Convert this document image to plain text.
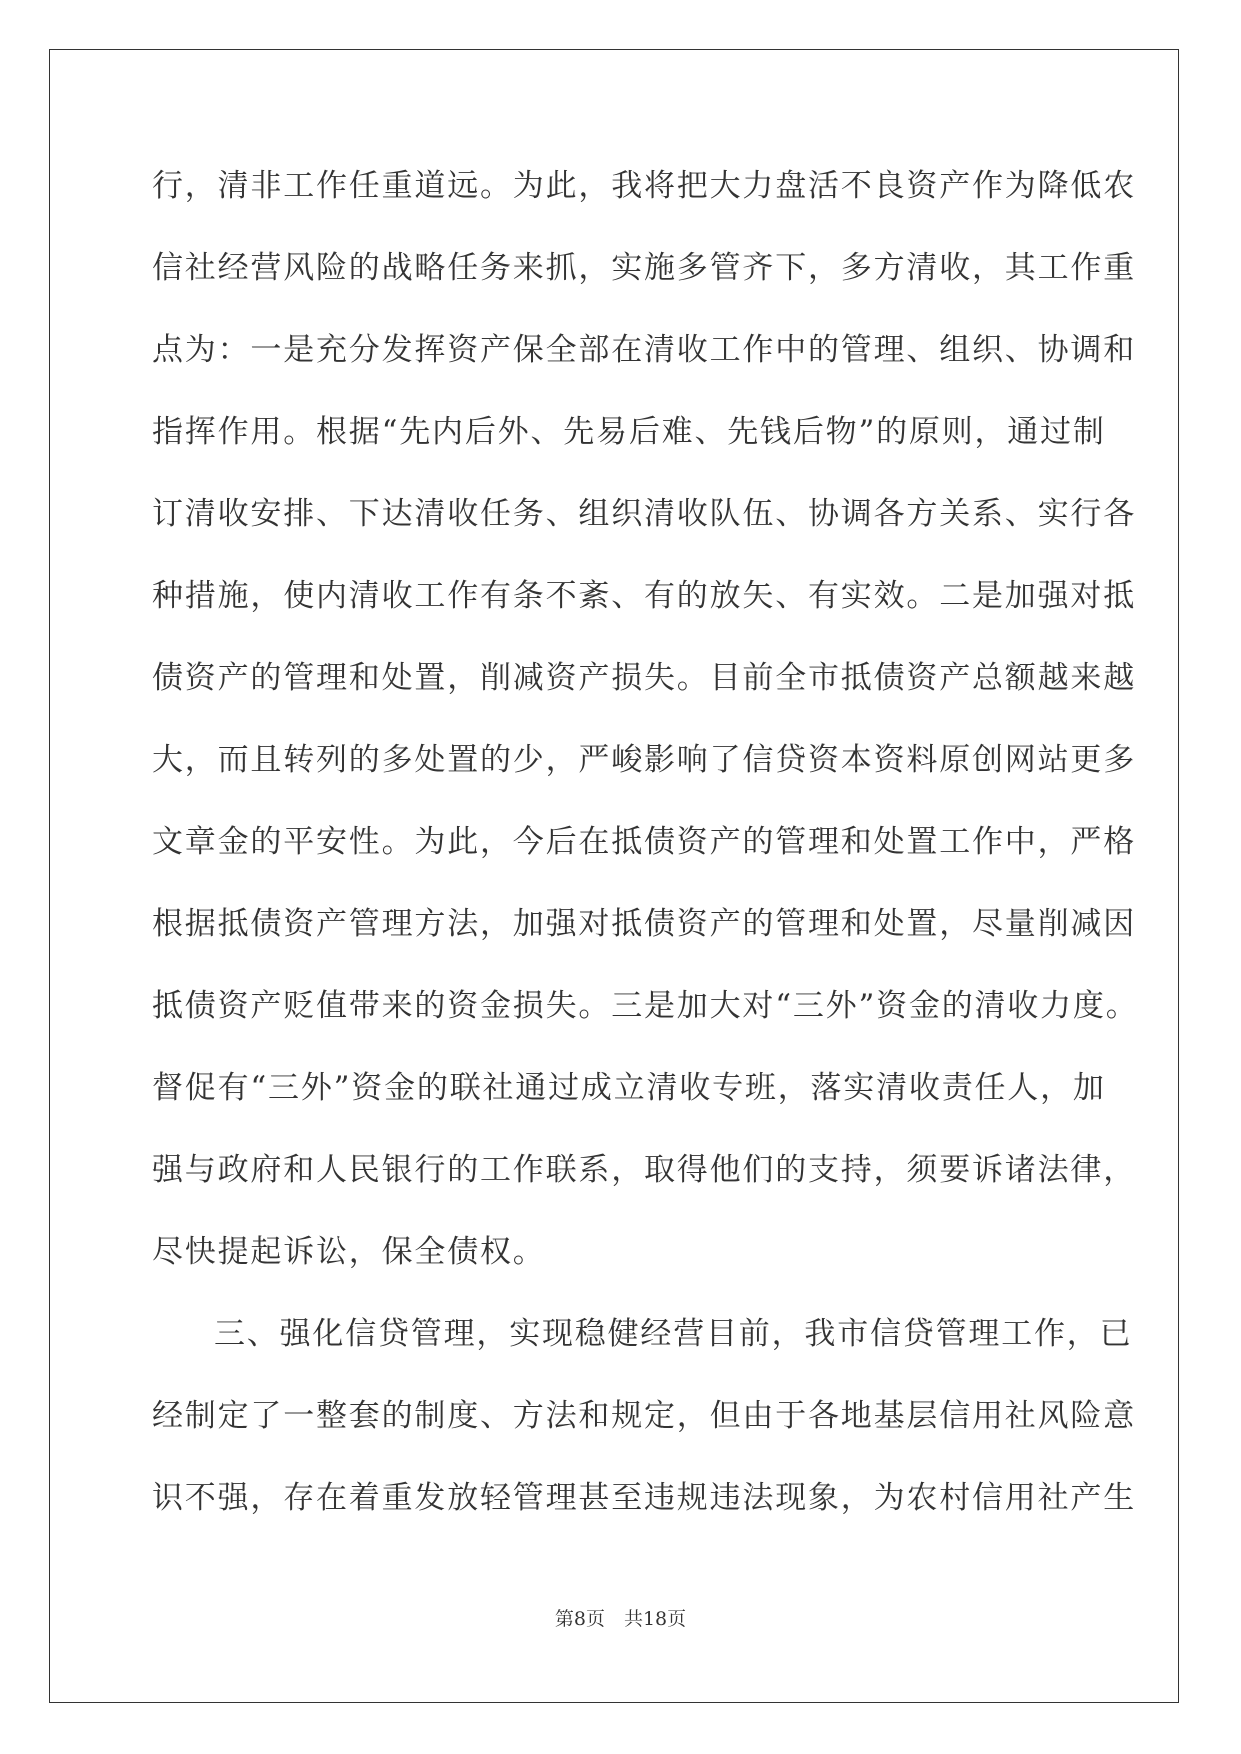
行，清非工作任重道远。为此，我将把大力盘活不良资产作为降低农
信社经营风险的战略任务来抓，实施多管齐下，多方清收，其工作重
点为：一是充分发挥资产保全部在清收工作中的管理、组织、协调和
指挥作用。根据“先内后外、先易后难、先钱后物”的原则，通过制
订清收安排、下达清收任务、组织清收队伍、协调各方关系、实行各
种措施，使内清收工作有条不紊、有的放矢、有实效。二是加强对抵
债资产的管理和处置，削减资产损失。目前全市抵债资产总额越来越
大，而且转列的多处置的少，严峻影响了信贷资本资料原创网站更多
文章金的平安性。为此，今后在抵债资产的管理和处置工作中，严格
根据抵债资产管理方法，加强对抵债资产的管理和处置，尽量削减因
抵债资产贬值带来的资金损失。三是加大对“三外”资金的清收力度。
督促有“三外”资金的联社通过成立清收专班，落实清收责任人，加
强与政府和人民银行的工作联系，取得他们的支持，须要诉诸法律，
尽快提起诉讼，保全债权。
三、强化信贷管理，实现稳健经营目前，我市信贷管理工作，已
经制定了一整套的制度、方法和规定，但由于各地基层信用社风险意
识不强，存在着重发放轻管理甚至违规违法现象，为农村信用社产生
第8页　共18页
